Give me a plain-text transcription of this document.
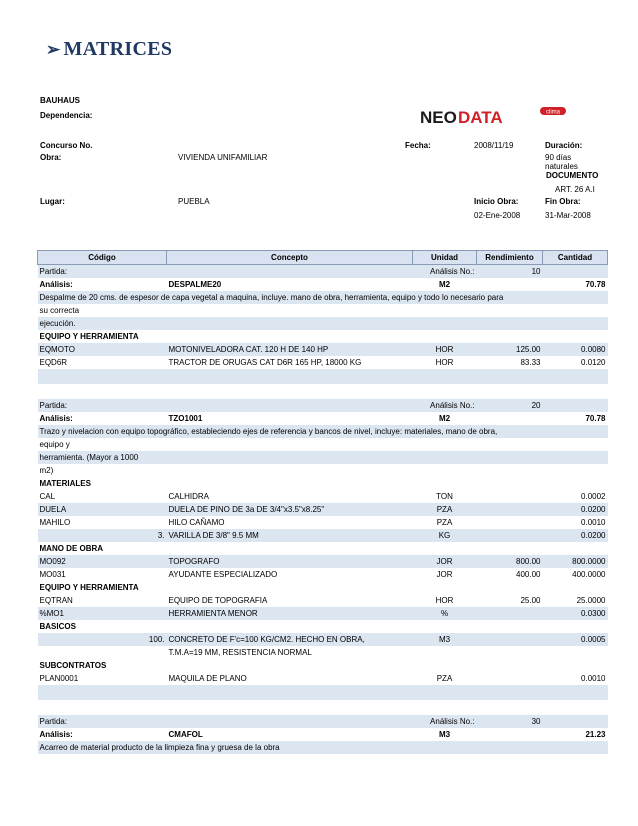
➢ MATRICES
BAUHAUS
Dependencia:	NEO DATA	clima
Concurso No.	Fecha:	2008/11/19	Duración:
Obra:	VIVIENDA UNIFAMILIAR	90 días
naturales
DOCUMENTO
ART. 26 A.I
Lugar:	PUEBLA	Inicio Obra:	Fin Obra:
02-Ene-2008	31-Mar-2008
Código	Concepto	Unidad	Rendimiento	Cantidad
Partida:		Análisis No.:	10	
Análisis:	DESPALME20	M2		70.78
Despalme de 20 cms. de espesor de capa vegetal a maquina, incluye. mano de obra, herramienta, equipo y todo lo necesario para				
su correcta				
ejecución.				
EQUIPO Y HERRAMIENTA				
EQMOTO	MOTONIVELADORA CAT. 120 H DE 140 HP	HOR	125.00	0.0080
EQD6R	TRACTOR DE ORUGAS CAT D6R 165 HP, 18000 KG	HOR	83.33	0.0120

Partida:		Análisis No.:	20	
Análisis:	TZO1001	M2		70.78
Trazo y nivelacion con equipo topográfico, estableciendo ejes de referencia y bancos de nivel, incluye: materiales, mano de obra,				
equipo y				
herramienta. (Mayor a 1000				
m2)				
MATERIALES				
CAL	CALHIDRA	TON		0.0002
DUELA	DUELA DE PINO DE 3a DE 3/4"x3.5"x8.25"	PZA		0.0200
MAHILO	HILO CAÑAMO	PZA		0.0010
3.	VARILLA DE 3/8" 9.5 MM	KG		0.0200
MANO DE OBRA				
MO092	TOPOGRAFO	JOR	800.00	800.0000
MO031	AYUDANTE ESPECIALIZADO	JOR	400.00	400.0000
EQUIPO Y HERRAMIENTA				
EQTRAN	EQUIPO DE TOPOGRAFIA	HOR	25.00	25.0000
%MO1	HERRAMIENTA MENOR	%		0.0300
BASICOS				
100.	CONCRETO DE F'c=100 KG/CM2. HECHO EN OBRA,	M3		0.0005
	T.M.A=19 MM, RESISTENCIA NORMAL			
SUBCONTRATOS				
PLAN0001	MAQUILA DE PLANO	PZA		0.0010

Partida:		Análisis No.:	30	
Análisis:	CMAFOL	M3		21.23
Acarreo de material producto de la limpieza fina y gruesa de la obra				
